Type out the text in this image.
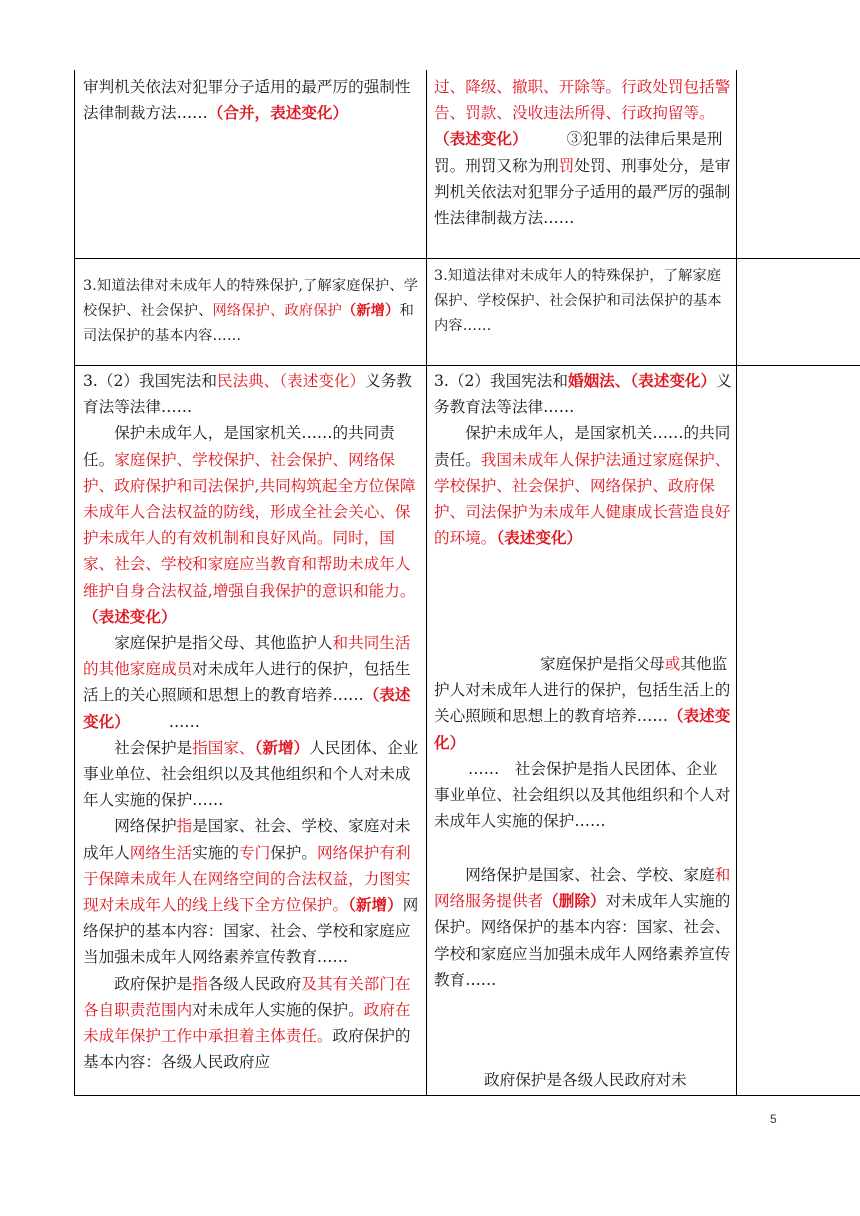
审判机关依法对犯罪分子适用的最严厉的强制性法律制裁方法……（合并，表述变化）

过、降级、撤职、开除等。行政处罚包括警告、罚款、没收违法所得、行政拘留等。（表述变化）　　 	③犯罪的法律后果是刑罚。刑罚又称为刑罚处罚、刑事处分，是审判机关依法对犯罪分子适用的最严厉的强制性法律制裁方法……

3.知道法律对未成年人的特殊保护,了解家庭保护、学校保护、社会保护、网络保护、政府保护（新增）和司法保护的基本内容……

3.知道法律对未成年人的特殊保护，了解家庭保护、学校保护、社会保护和司法保护的基本内容……

3.（2）我国宪法和民法典、（表述变化）义务教育法等法律……

保护未成年人，是国家机关……的共同责任。家庭保护、学校保护、社会保护、网络保护、政府保护和司法保护,共同构筑起全方位保障未成年人合法权益的防线，形成全社会关心、保护未成年人的有效机制和良好风尚。同时，国家、社会、学校和家庭应当教育和帮助未成年人维护自身合法权益,增强自我保护的意识和能力。（表述变化）

家庭保护是指父母、其他监护人和共同生活的其他家庭成员对未成年人进行的保护，包括生活上的关心照顾和思想上的教育培养……（表述变化）　　　	……

社会保护是指国家、（新增）人民团体、企业事业单位、社会组织以及其他组织和个人对未成年人实施的保护……

网络保护指是国家、社会、学校、家庭对未成年人网络生活实施的专门保护。网络保护有利于保障未成年人在网络空间的合法权益，力图实现对未成年人的线上线下全方位保护。（新增）网络保护的基本内容：国家、社会、学校和家庭应当加强未成年人网络素养宣传教育……

政府保护是指各级人民政府及其有关部门在各自职责范围内对未成年人实施的保护。政府在未成年保护工作中承担着主体责任。政府保护的基本内容：各级人民政府应

3.（2）我国宪法和婚姻法、（表述变化）义务教育法等法律……

保护未成年人，是国家机关……的共同责任。我国未成年人保护法通过家庭保护、学校保护、社会保护、网络保护、政府保护、司法保护为未成年人健康成长营造良好的环境。（表述变化）

家庭保护是指父母或其他监护人对未成年人进行的保护，包括生活上的关心照顾和思想上的教育培养……（表述变化）

……  社会保护是指人民团体、企业事业单位、社会组织以及其他组织和个人对未成年人实施的保护……

网络保护是国家、社会、学校、家庭和网络服务提供者（删除）对未成年人实施的保护。网络保护的基本内容：国家、社会、学校和家庭应当加强未成年人网络素养宣传教育……

政府保护是各级人民政府对未

5
